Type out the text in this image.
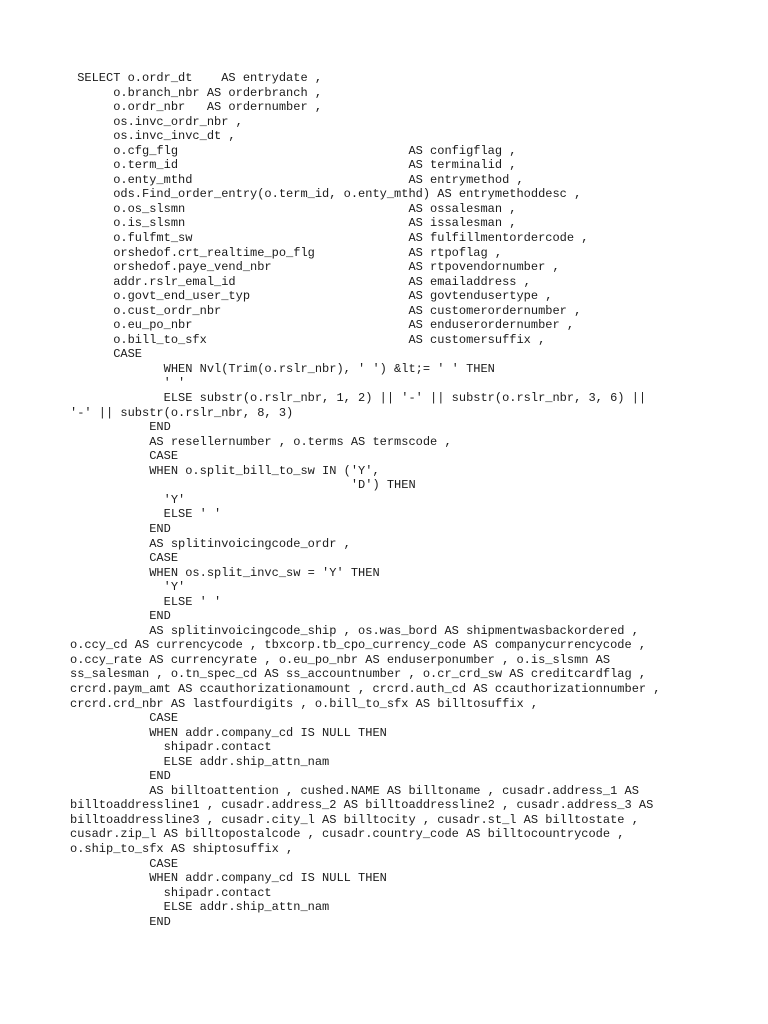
SELECT o.ordr_dt    AS entrydate ,
o.branch_nbr AS orderbranch ,
o.ordr_nbr   AS ordernumber ,
os.invc_ordr_nbr ,
os.invc_invc_dt ,
o.cfg_flg                                AS configflag ,
o.term_id                                AS terminalid ,
o.enty_mthd                              AS entrymethod ,
ods.Find_order_entry(o.term_id, o.enty_mthd) AS entrymethoddesc ,
o.os_slsmn                               AS ossalesman ,
o.is_slsmn                               AS issalesman ,
o.fulfmt_sw                              AS fulfillmentordercode ,
orshedof.crt_realtime_po_flg             AS rtpoflag ,
orshedof.paye_vend_nbr                   AS rtpovendornumber ,
addr.rslr_emal_id                        AS emailaddress ,
o.govt_end_user_typ                      AS govtendusertype ,
o.cust_ordr_nbr                          AS customerordernumber ,
o.eu_po_nbr                              AS enduserordernumber ,
o.bill_to_sfx                            AS customersuffix ,
CASE
WHEN Nvl(Trim(o.rslr_nbr), ' ') &lt;= ' ' THEN
' '
ELSE substr(o.rslr_nbr, 1, 2) || '-' || substr(o.rslr_nbr, 3, 6) ||
'-' || substr(o.rslr_nbr, 8, 3)
END
AS resellernumber , o.terms AS termscode ,
CASE
WHEN o.split_bill_to_sw IN ('Y',
'D') THEN
'Y'
ELSE ' '
END
AS splitinvoicingcode_ordr ,
CASE
WHEN os.split_invc_sw = 'Y' THEN
'Y'
ELSE ' '
END
AS splitinvoicingcode_ship , os.was_bord AS shipmentwasbackordered ,
o.ccy_cd AS currencycode , tbxcorp.tb_cpo_currency_code AS companycurrencycode ,
o.ccy_rate AS currencyrate , o.eu_po_nbr AS enduserponumber , o.is_slsmn AS
ss_salesman , o.tn_spec_cd AS ss_accountnumber , o.cr_crd_sw AS creditcardflag ,
crcrd.paym_amt AS ccauthorizationamount , crcrd.auth_cd AS ccauthorizationnumber ,
crcrd.crd_nbr AS lastfourdigits , o.bill_to_sfx AS billtosuffix ,
CASE
WHEN addr.company_cd IS NULL THEN
shipadr.contact
ELSE addr.ship_attn_nam
END
AS billtoattention , cushed.NAME AS billtoname , cusadr.address_1 AS
billtoaddressline1 , cusadr.address_2 AS billtoaddressline2 , cusadr.address_3 AS
billtoaddressline3 , cusadr.city_l AS billtocity , cusadr.st_l AS billtostate ,
cusadr.zip_l AS billtopostalcode , cusadr.country_code AS billtocountrycode ,
o.ship_to_sfx AS shiptosuffix ,
CASE
WHEN addr.company_cd IS NULL THEN
shipadr.contact
ELSE addr.ship_attn_nam
END
